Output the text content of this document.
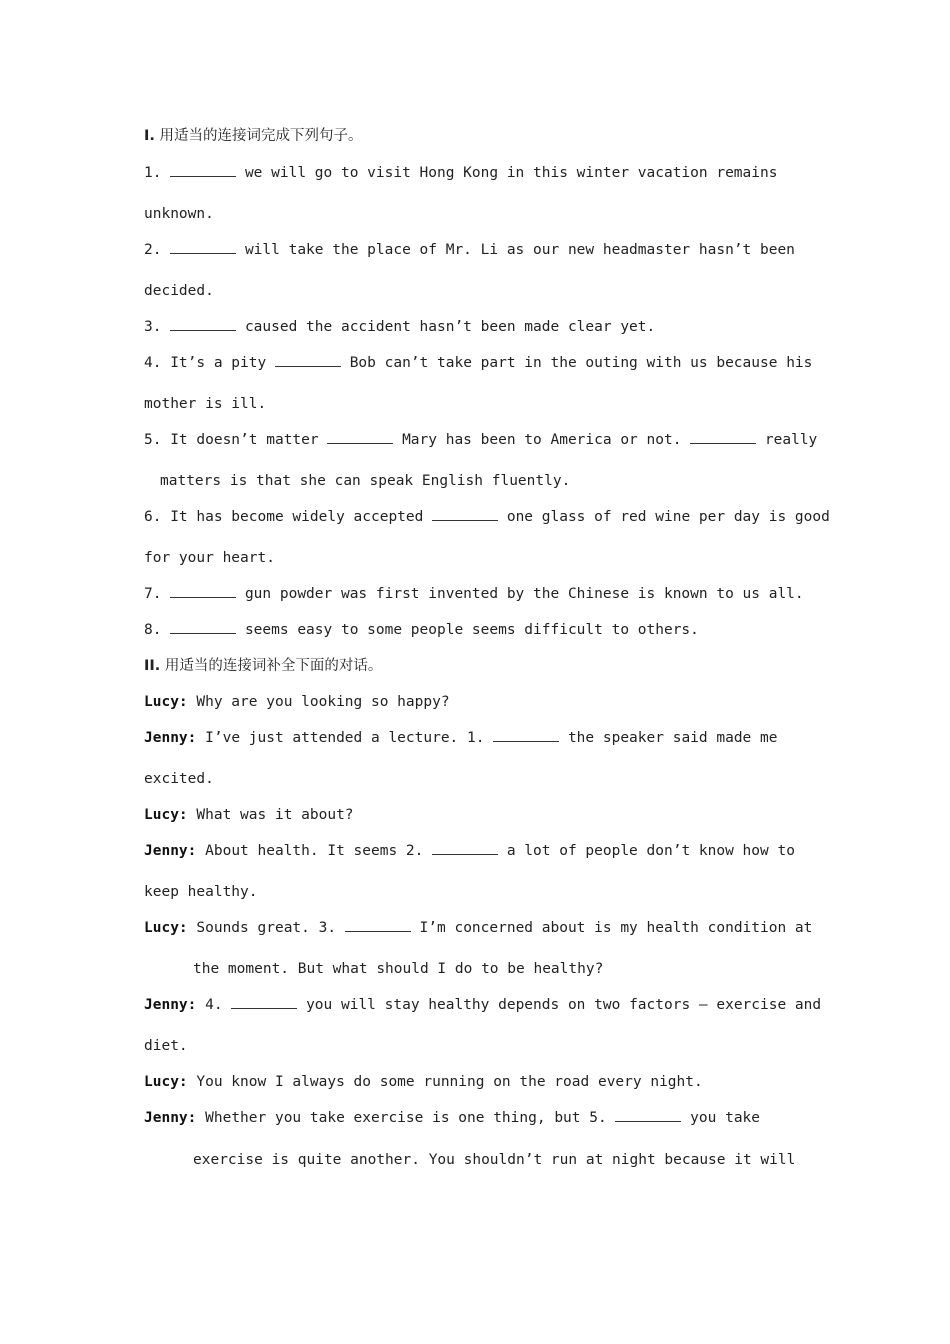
I. 用适当的连接词完成下列句子。
1.	we will go to visit Hong Kong in this winter vacation remains
unknown.
2.	will take the place of Mr. Li as our new headmaster hasn’t been
decided.
3.	caused the accident hasn’t been made clear yet.
4. It’s a pity	Bob can’t take part in the outing with us because his
mother is ill.
5. It doesn’t matter	Mary has been to America or not.	really
matters is that she can speak English fluently.
6. It has become widely accepted	one glass of red wine per day is good
for your heart.
7.	gun powder was first invented by the Chinese is known to us all.
8.	seems easy to some people seems difficult to others.
II. 用适当的连接词补全下面的对话。
Lucy: Why are you looking so happy?
Jenny: I’ve just attended a lecture. 1.	the speaker said made me
excited.
Lucy: What was it about?
Jenny: About health. It seems 2.	a lot of people don’t know how to
keep healthy.
Lucy: Sounds great. 3.	I’m concerned about is my health condition at
the moment. But what should I do to be healthy?
Jenny: 4.	you will stay healthy depends on two factors — exercise and
diet.
Lucy: You know I always do some running on the road every night.
Jenny: Whether you take exercise is one thing, but 5.	you take
exercise is quite another. You shouldn’t run at night because it will
